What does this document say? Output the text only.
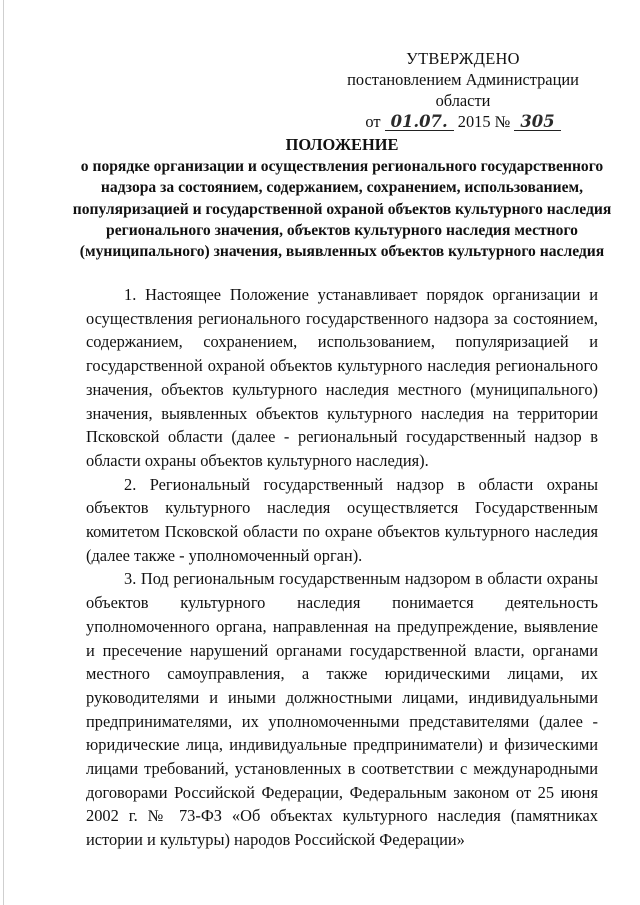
УТВЕРЖДЕНО
постановлением Администрации области
от 01.07. 2015 № 305
ПОЛОЖЕНИЕ
о порядке организации и осуществления регионального государственного надзора за состоянием, содержанием, сохранением, использованием, популяризацией и государственной охраной объектов культурного наследия регионального значения, объектов культурного наследия местного (муниципального) значения, выявленных объектов культурного наследия

1. Настоящее Положение устанавливает порядок организации и осуществления регионального государственного надзора за состоянием, содержанием, сохранением, использованием, популяризацией и государственной охраной объектов культурного наследия регионального значения, объектов культурного наследия местного (муниципального) значения, выявленных объектов культурного наследия на территории Псковской области (далее - региональный государственный надзор в области охраны объектов культурного наследия).

2. Региональный государственный надзор в области охраны объектов культурного наследия осуществляется Государственным комитетом Псковской области по охране объектов культурного наследия (далее также - уполномоченный орган).

3. Под региональным государственным надзором в области охраны объектов культурного наследия понимается деятельность уполномоченного органа, направленная на предупреждение, выявление и пресечение нарушений органами государственной власти, органами местного самоуправления, а также юридическими лицами, их руководителями и иными должностными лицами, индивидуальными предпринимателями, их уполномоченными представителями (далее - юридические лица, индивидуальные предприниматели) и физическими лицами требований, установленных в соответствии с международными договорами Российской Федерации, Федеральным законом от 25 июня 2002 г. № 73-ФЗ «Об объектах культурного наследия (памятниках истории и культуры) народов Российской Федерации»
